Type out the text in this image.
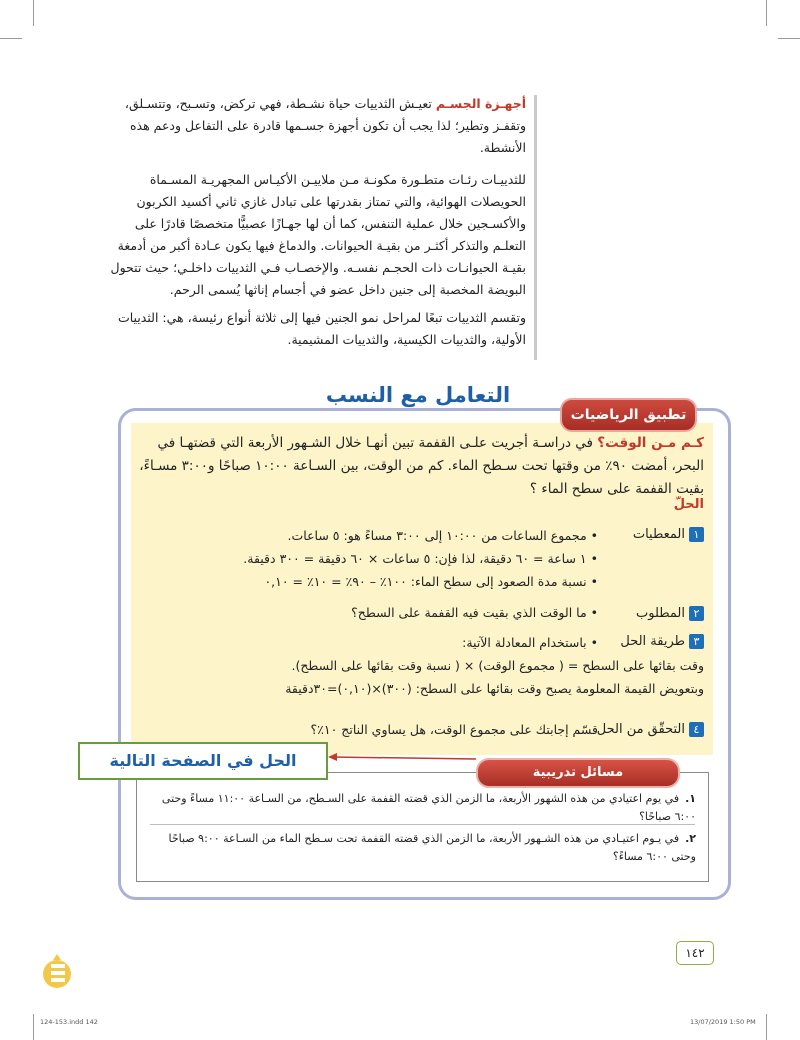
أجهـزة الجسـم تعيـش الثدييات حياة نشـطة، فهي تركض، وتسـبح، وتتسـلق، وتقفـز وتطير؛ لذا يجب أن تكون أجهزة جسـمها قادرة على التفاعل ودعم هذه الأنشطة.

للثدييـات رئـات متطـورة مكونـة مـن ملاييـن الأكيـاس المجهريـة المسـماة الحويصلات الهوائية، والتي تمتاز بقدرتها على تبادل غازي ثاني أكسيد الكربون والأكسـجين خلال عملية التنفس، كما أن لها جهـازًا عصبيًّا متخصصًا قادرًا على التعلـم والتذكر أكثـر من بقيـة الحيوانات. والدماغ فيها يكون عـادة أكبر من أدمغة بقيـة الحيوانـات ذات الحجـم نفسـه. والإخصـاب فـي الثدييات داخلـي؛ حيث تتحول البويضة المخصبة إلى جنين داخل عضو في أجسام إناثها يُسمى الرحم.

وتقسم الثدييات تبعًا لمراحل نمو الجنين فيها إلى ثلاثة أنواع رئيسة، هي: الثدييات الأولية، والثدييات الكيسية، والثدييات المشيمية.

التعامل مع النسب
تطبيق الرياضيات
كـم مـن الوقت؟ في دراسـة أجريت علـى القفمة تبين أنهـا خلال الشـهور الأربعة التي قضتهـا في البحر، أمضت ٩٠٪ من وقتها تحت سـطح الماء. كم من الوقت، بين السـاعة ١٠:٠٠ صباحًا و٣:٠٠ مسـاءً، بقيت القفمة على سطح الماء ؟
الحلّ
١المعطيات
• مجموع الساعات من ١٠:٠٠ إلى ٣:٠٠ مساءً هو: ٥ ساعات.
• ١ ساعة = ٦٠ دقيقة، لذا فإن: ٥ ساعات × ٦٠ دقيقة = ٣٠٠ دقيقة.
• نسبة مدة الصعود إلى سطح الماء: ١٠٠٪ – ٩٠٪ = ١٠٪ = ٠,١٠
٢المطلوب
• ما الوقت الذي بقيت فيه القفمة على السطح؟
٣طريقة الحل
• باستخدام المعادلة الآتية:
وقت بقائها على السطح = ( مجموع الوقت) × ( نسبة وقت بقائها على السطح).
وبتعويض القيمة المعلومة يصبح وقت بقائها على السطح: (٣٠٠)×(٠,١٠)=٣٠دقيقة
٤التحقّق من الحل
قسّم إجابتك على مجموع الوقت، هل يساوي الناتج ١٠٪؟
مسائل تدريبية
١.في يوم اعتيادي من هذه الشهور الأربعة، ما الزمن الذي قضته القفمة على السـطح، من السـاعة ١١:٠٠ مساءً وحتى ٦:٠٠ صباحًا؟
٢.في يـوم اعتيـادي من هذه الشـهور الأربعة، ما الزمن الذي قضته القفمة تحت سـطح الماء من السـاعة ٩:٠٠ صباحًا وحتى ٦:٠٠ مساءً؟
الحل في الصفحة التالية
١٤٢
124-153.indd 142	13/07/2019 1:50 PM
